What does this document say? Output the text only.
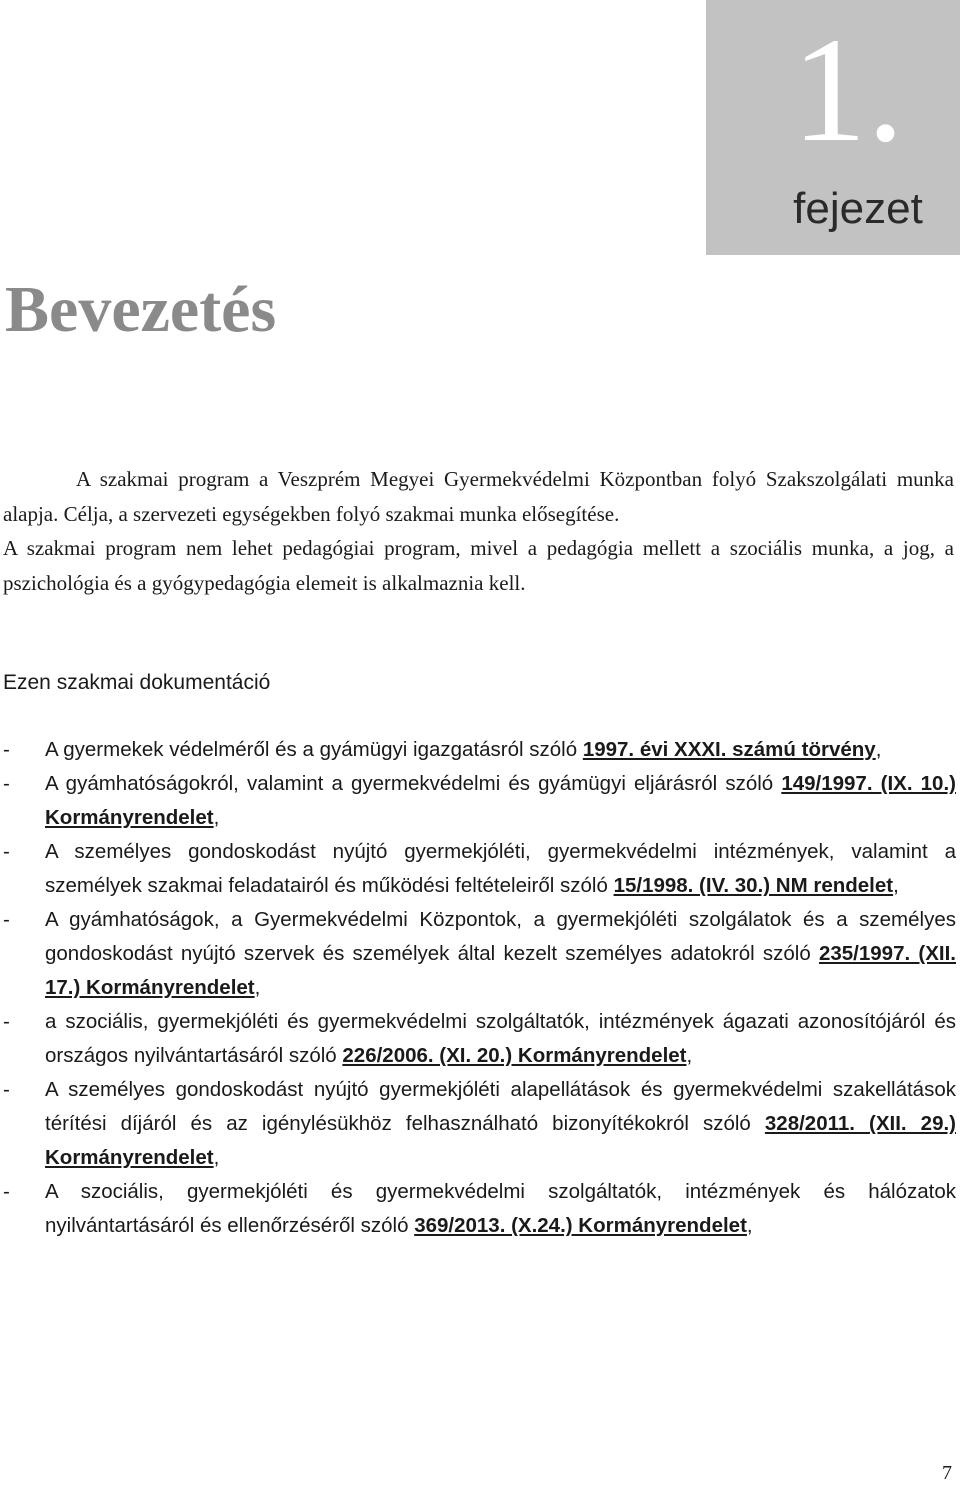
1.
fejezet
Bevezetés

A szakmai program a Veszprém Megyei Gyermekvédelmi Központban folyó Szakszolgálati munka alapja. Célja, a szervezeti egységekben folyó szakmai munka elősegítése.

A szakmai program nem lehet pedagógiai program, mivel a pedagógia mellett a szociális munka, a jog, a pszichológia és a gyógypedagógia elemeit is alkalmaznia kell.

Ezen szakmai dokumentáció
- A gyermekek védelméről és a gyámügyi igazgatásról szóló 1997. évi XXXI. számú törvény,
- A gyámhatóságokról, valamint a gyermekvédelmi és gyámügyi eljárásról szóló 149/1997. (IX. 10.) Kormányrendelet,
- A személyes gondoskodást nyújtó gyermekjóléti, gyermekvédelmi intézmények, valamint a személyek szakmai feladatairól és működési feltételeiről szóló 15/1998. (IV. 30.) NM rendelet,
- A gyámhatóságok, a Gyermekvédelmi Központok, a gyermekjóléti szolgálatok és a személyes gondoskodást nyújtó szervek és személyek által kezelt személyes adatokról szóló 235/1997. (XII. 17.) Kormányrendelet,
- a szociális, gyermekjóléti és gyermekvédelmi szolgáltatók, intézmények ágazati azonosítójáról és országos nyilvántartásáról szóló 226/2006. (XI. 20.) Kormányrendelet,
- A személyes gondoskodást nyújtó gyermekjóléti alapellátások és gyermekvédelmi szakellátások térítési díjáról és az igénylésükhöz felhasználható bizonyítékokról szóló 328/2011. (XII. 29.) Kormányrendelet,
- A szociális, gyermekjóléti és gyermekvédelmi szolgáltatók, intézmények és hálózatok nyilvántartásáról és ellenőrzéséről szóló 369/2013. (X.24.) Kormányrendelet,
7
